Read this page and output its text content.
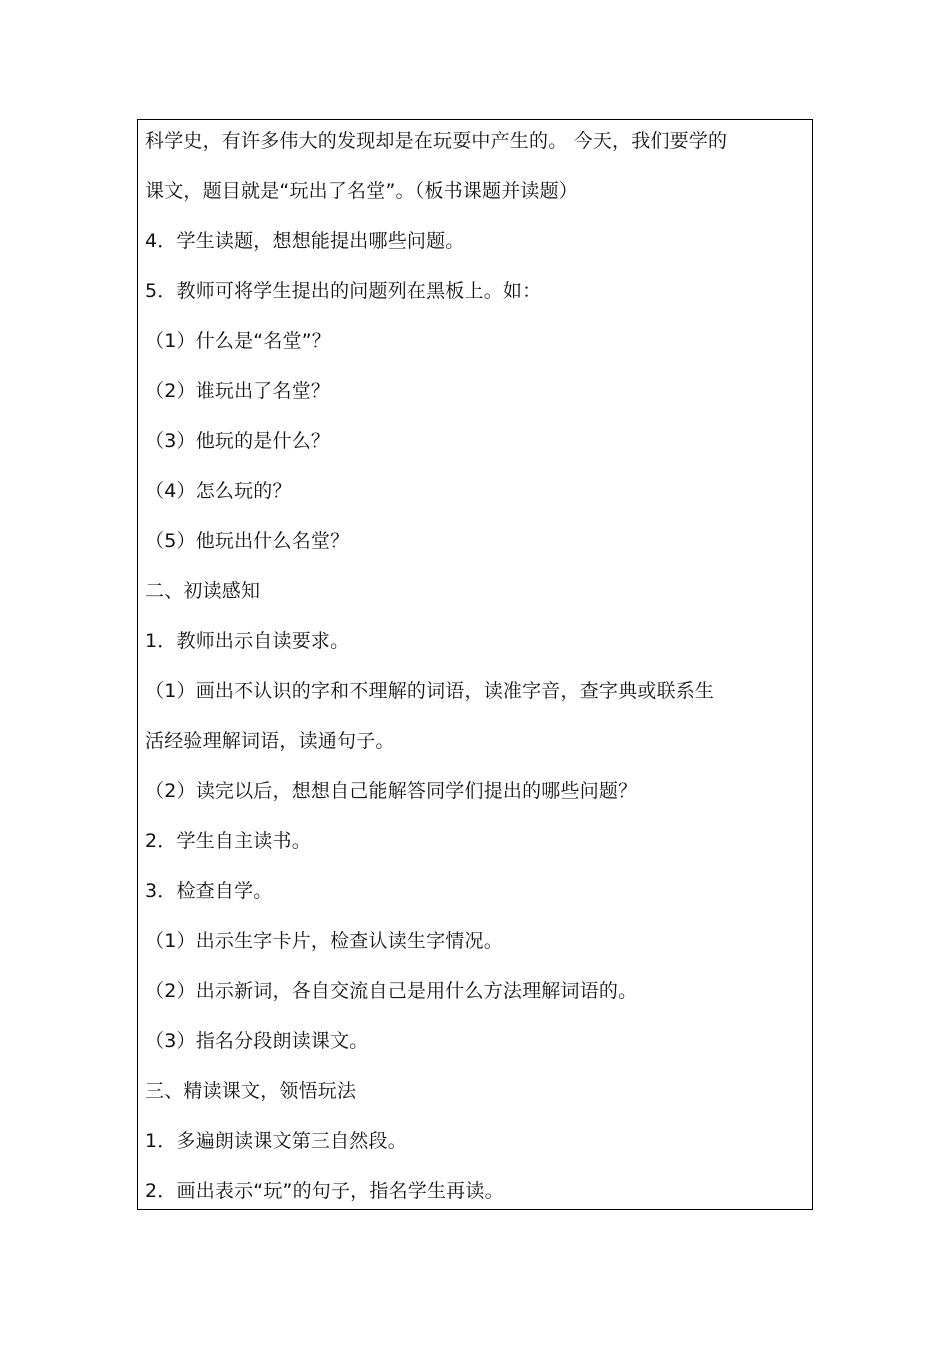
科学史，有许多伟大的发现却是在玩耍中产生的。 今天，我们要学的
课文，题目就是“玩出了名堂”。（板书课题并读题）
4．学生读题，想想能提出哪些问题。
5．教师可将学生提出的问题列在黑板上。如：
（1）什么是“名堂”？
（2）谁玩出了名堂？
（3）他玩的是什么？
（4）怎么玩的？
（5）他玩出什么名堂？
二、初读感知
1．教师出示自读要求。
（1）画出不认识的字和不理解的词语，读准字音，查字典或联系生
活经验理解词语，读通句子。
（2）读完以后，想想自己能解答同学们提出的哪些问题？
2．学生自主读书。
3．检查自学。
（1）出示生字卡片，检查认读生字情况。
（2）出示新词，各自交流自己是用什么方法理解词语的。
（3）指名分段朗读课文。
三、精读课文，领悟玩法
1．多遍朗读课文第三自然段。
2．画出表示“玩”的句子，指名学生再读。
